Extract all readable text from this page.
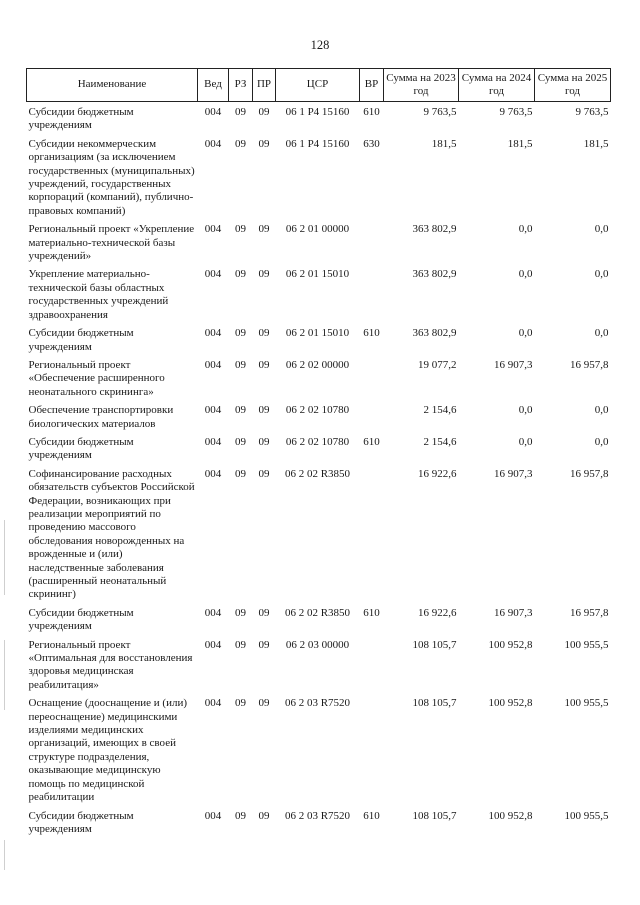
128
Наименование	Вед	РЗ	ПР	ЦСР	ВР	Сумма на 2023 год	Сумма на 2024 год	Сумма на 2025 год
Субсидии бюджетным учреждениям	004	09	09	06 1 Р4 15160	610	9 763,5	9 763,5	9 763,5
Субсидии некоммерческим организациям (за исключением государственных (муниципальных) учреждений, государственных корпораций (компаний), публично-правовых компаний)	004	09	09	06 1 Р4 15160	630	181,5	181,5	181,5
Региональный проект «Укрепление материально-технической базы учреждений»	004	09	09	06 2 01 00000		363 802,9	0,0	0,0
Укрепление материально-технической базы областных государственных учреждений здравоохранения	004	09	09	06 2 01 15010		363 802,9	0,0	0,0
Субсидии бюджетным учреждениям	004	09	09	06 2 01 15010	610	363 802,9	0,0	0,0
Региональный проект «Обеспечение расширенного неонатального скрининга»	004	09	09	06 2 02 00000		19 077,2	16 907,3	16 957,8
Обеспечение транспортировки биологических материалов	004	09	09	06 2 02 10780		2 154,6	0,0	0,0
Субсидии бюджетным учреждениям	004	09	09	06 2 02 10780	610	2 154,6	0,0	0,0
Софинансирование расходных обязательств субъектов Российской Федерации, возникающих при реализации мероприятий по проведению массового обследования новорожденных на врожденные и (или) наследственные заболевания (расширенный неонатальный скрининг)	004	09	09	06 2 02 R3850		16 922,6	16 907,3	16 957,8
Субсидии бюджетным учреждениям	004	09	09	06 2 02 R3850	610	16 922,6	16 907,3	16 957,8
Региональный проект «Оптимальная для восстановления здоровья медицинская реабилитация»	004	09	09	06 2 03 00000		108 105,7	100 952,8	100 955,5
Оснащение (дооснащение и (или) переоснащение) медицинскими изделиями медицинских организаций, имеющих в своей структуре подразделения, оказывающие медицинскую помощь по медицинской реабилитации	004	09	09	06 2 03 R7520		108 105,7	100 952,8	100 955,5
Субсидии бюджетным учреждениям	004	09	09	06 2 03 R7520	610	108 105,7	100 952,8	100 955,5
